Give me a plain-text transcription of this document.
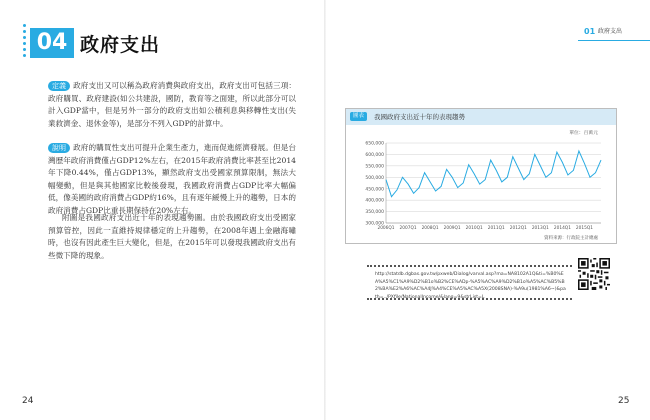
04 政府支出
定義 政府支出又可以稱為政府消費與政府支出，政府支出可包括三項：政府購買、政府建設(如公共建設，國防，教育等之面建，所以此部分可以計入GDP當中，但是另外一部分的政府支出如公積利息與移轉性支出(失業救濟金、退休金等)，是部分不列入GDP的計算中。
說明 政府的購買性支出可提升企業生產力，進而促進經濟發展。但是台灣歷年政府消費僅占GDP12%左右，在2015年政府消費比率甚至比2014年下降0.44%，僅占GDP13%，顯然政府支出受國家預算限制，無法大幅變動，但是與其他國家比較後發現，我國政府消費占GDP比率大幅偏低，像美國的政府消費占GDP約16%，且有逐年緩慢上升的趨勢，日本的政府消費占GDP比重長期保持在20%左右。
附圖是我國政府支出近十年的表現趨勢圖。由於我國政府支出受國家預算管控，因此一直維持規律穩定的上升趨勢，在2008年遇上金融海嘯時，也沒有因此產生巨大變化，但是，在2015年可以發現我國政府支出有些微下降的現象。
24
01 政府支出
圖表	我國政府支出近十年的表現趨勢
單位：百萬元
650,000
600,000
550,000
500,000
450,000
400,000
350,000
300,000
2006Q1 2007Q1 2008Q1 2009Q1 2010Q1 2011Q1 2012Q1 2013Q1 2014Q1 2015Q1
資料來源：行政院主計總處
http://statdb.dgbas.gov.tw/pxweb/Dialog/varval.asp?ma=NA8102A1Q&ti=%B0%EA%A5%C1%A9%D2%B1o%B2%CE%ADp-%A5%AC%A9%D2%B1o%A5%AC%B5%B2%BA%E2%A6%AC%A4J%A4%CE%A5%AC%A5X(2008SNA)-%A9u(1981%A6~)&path=../PXfile/NationalIncome/&lang=9&strList=L
25
